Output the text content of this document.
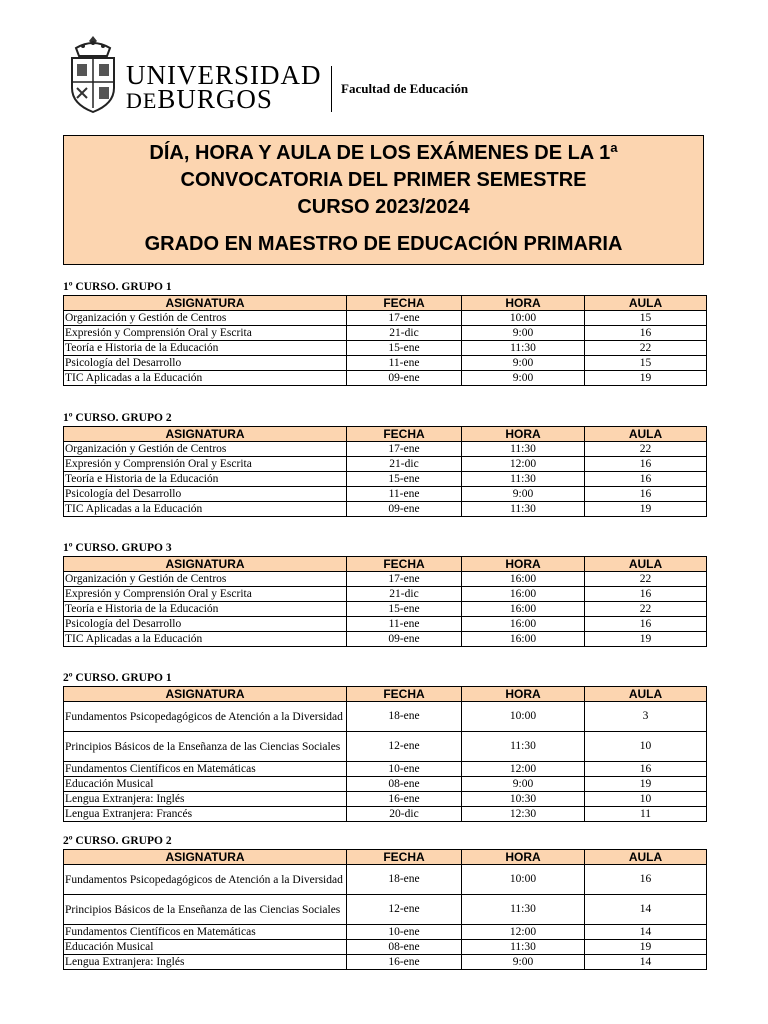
UNIVERSIDAD
DEBURGOS	Facultad de Educación
DÍA, HORA Y AULA DE LOS EXÁMENES DE LA 1ª
CONVOCATORIA DEL PRIMER SEMESTRE
CURSO 2023/2024
GRADO EN MAESTRO DE EDUCACIÓN PRIMARIA
1º CURSO. GRUPO 1
ASIGNATURA	FECHA	HORA	AULA
Organización y Gestión de Centros	17-ene	10:00	15
Expresión y Comprensión Oral y Escrita	21-dic	9:00	16
Teoría e Historia de la Educación	15-ene	11:30	22
Psicología del Desarrollo	11-ene	9:00	15
TIC Aplicadas a la Educación	09-ene	9:00	19
1º CURSO. GRUPO 2
ASIGNATURA	FECHA	HORA	AULA
Organización y Gestión de Centros	17-ene	11:30	22
Expresión y Comprensión Oral y Escrita	21-dic	12:00	16
Teoría e Historia de la Educación	15-ene	11:30	16
Psicología del Desarrollo	11-ene	9:00	16
TIC Aplicadas a la Educación	09-ene	11:30	19
1º CURSO. GRUPO 3
ASIGNATURA	FECHA	HORA	AULA
Organización y Gestión de Centros	17-ene	16:00	22
Expresión y Comprensión Oral y Escrita	21-dic	16:00	16
Teoría e Historia de la Educación	15-ene	16:00	22
Psicología del Desarrollo	11-ene	16:00	16
TIC Aplicadas a la Educación	09-ene	16:00	19
2º CURSO. GRUPO 1
ASIGNATURA	FECHA	HORA	AULA
Fundamentos Psicopedagógicos de Atención a la Diversidad	18-ene	10:00	3
Principios Básicos de la Enseñanza de las Ciencias Sociales	12-ene	11:30	10
Fundamentos Científicos en Matemáticas	10-ene	12:00	16
Educación Musical	08-ene	9:00	19
Lengua Extranjera: Inglés	16-ene	10:30	10
Lengua Extranjera: Francés	20-dic	12:30	11
2º CURSO. GRUPO 2
ASIGNATURA	FECHA	HORA	AULA
Fundamentos Psicopedagógicos de Atención a la Diversidad	18-ene	10:00	16
Principios Básicos de la Enseñanza de las Ciencias Sociales	12-ene	11:30	14
Fundamentos Científicos en Matemáticas	10-ene	12:00	14
Educación Musical	08-ene	11:30	19
Lengua Extranjera: Inglés	16-ene	9:00	14
